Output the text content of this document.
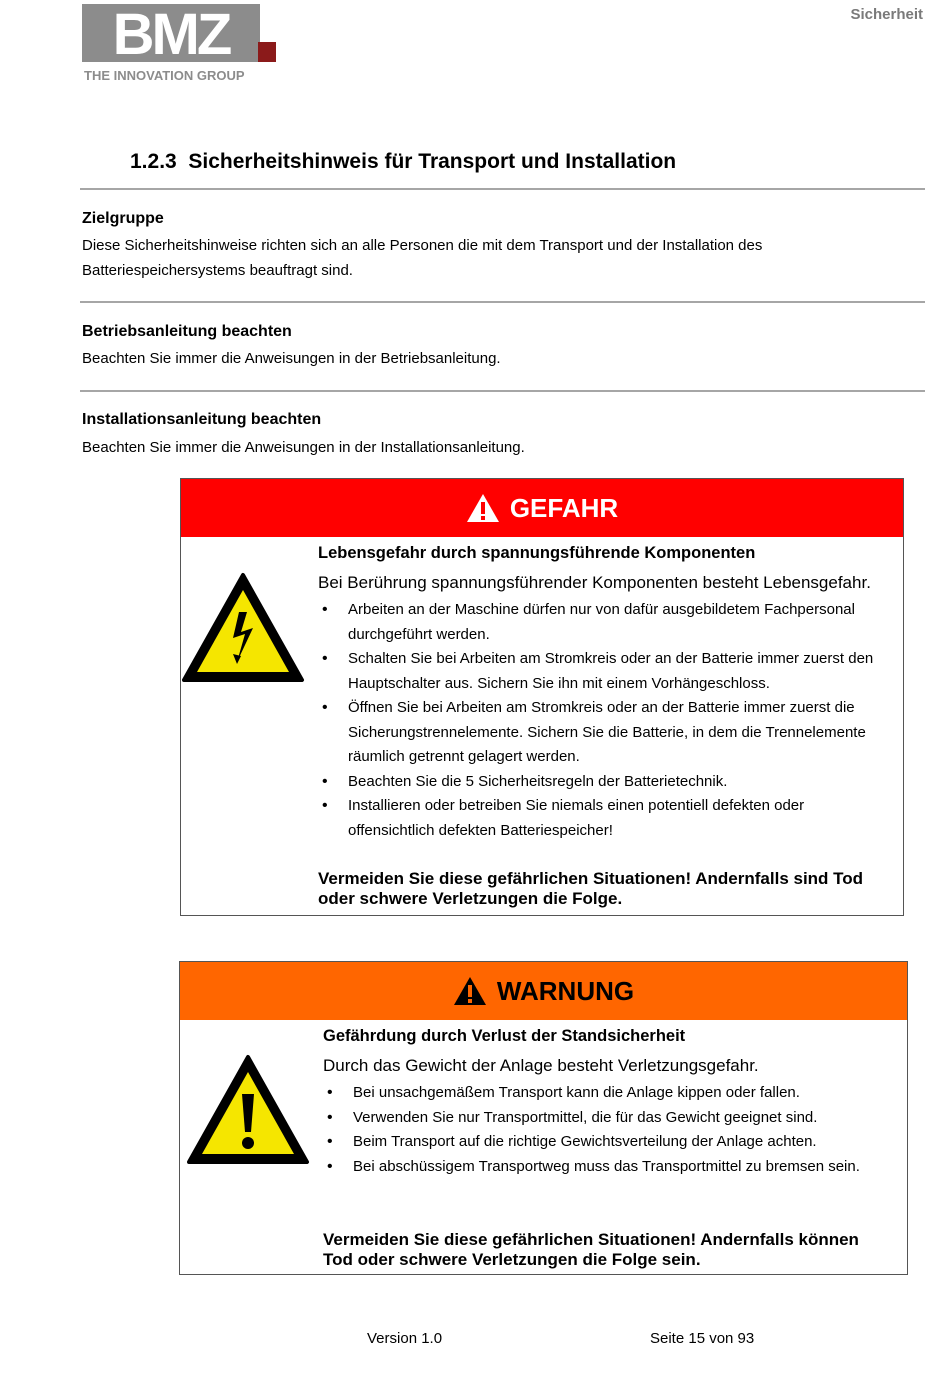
BMZ
THE INNOVATION GROUP
Sicherheit
1.2.3 Sicherheitshinweis für Transport und Installation
Zielgruppe
Diese Sicherheitshinweise richten sich an alle Personen die mit dem Transport und der Installation des Batteriespeichersystems beauftragt sind.
Betriebsanleitung beachten
Beachten Sie immer die Anweisungen in der Betriebsanleitung.
Installationsanleitung beachten
Beachten Sie immer die Anweisungen in der Installationsanleitung.
GEFAHR
Lebensgefahr durch spannungsführende Komponenten
Bei Berührung spannungsführender Komponenten besteht Lebensgefahr.
• Arbeiten an der Maschine dürfen nur von dafür ausgebildetem Fachpersonal durchgeführt werden.
• Schalten Sie bei Arbeiten am Stromkreis oder an der Batterie immer zuerst den Hauptschalter aus. Sichern Sie ihn mit einem Vorhängeschloss.
• Öffnen Sie bei Arbeiten am Stromkreis oder an der Batterie immer zuerst die Sicherungstrennelemente. Sichern Sie die Batterie, in dem die Trennelemente räumlich getrennt gelagert werden.
• Beachten Sie die 5 Sicherheitsregeln der Batterietechnik.
• Installieren oder betreiben Sie niemals einen potentiell defekten oder offensichtlich defekten Batteriespeicher!
Vermeiden Sie diese gefährlichen Situationen! Andernfalls sind Tod oder schwere Verletzungen die Folge.
WARNUNG
Gefährdung durch Verlust der Standsicherheit
Durch das Gewicht der Anlage besteht Verletzungsgefahr.
• Bei unsachgemäßem Transport kann die Anlage kippen oder fallen.
• Verwenden Sie nur Transportmittel, die für das Gewicht geeignet sind.
• Beim Transport auf die richtige Gewichtsverteilung der Anlage achten.
• Bei abschüssigem Transportweg muss das Transportmittel zu bremsen sein.
Vermeiden Sie diese gefährlichen Situationen! Andernfalls können Tod oder schwere Verletzungen die Folge sein.
Version 1.0	Seite 15 von 93
